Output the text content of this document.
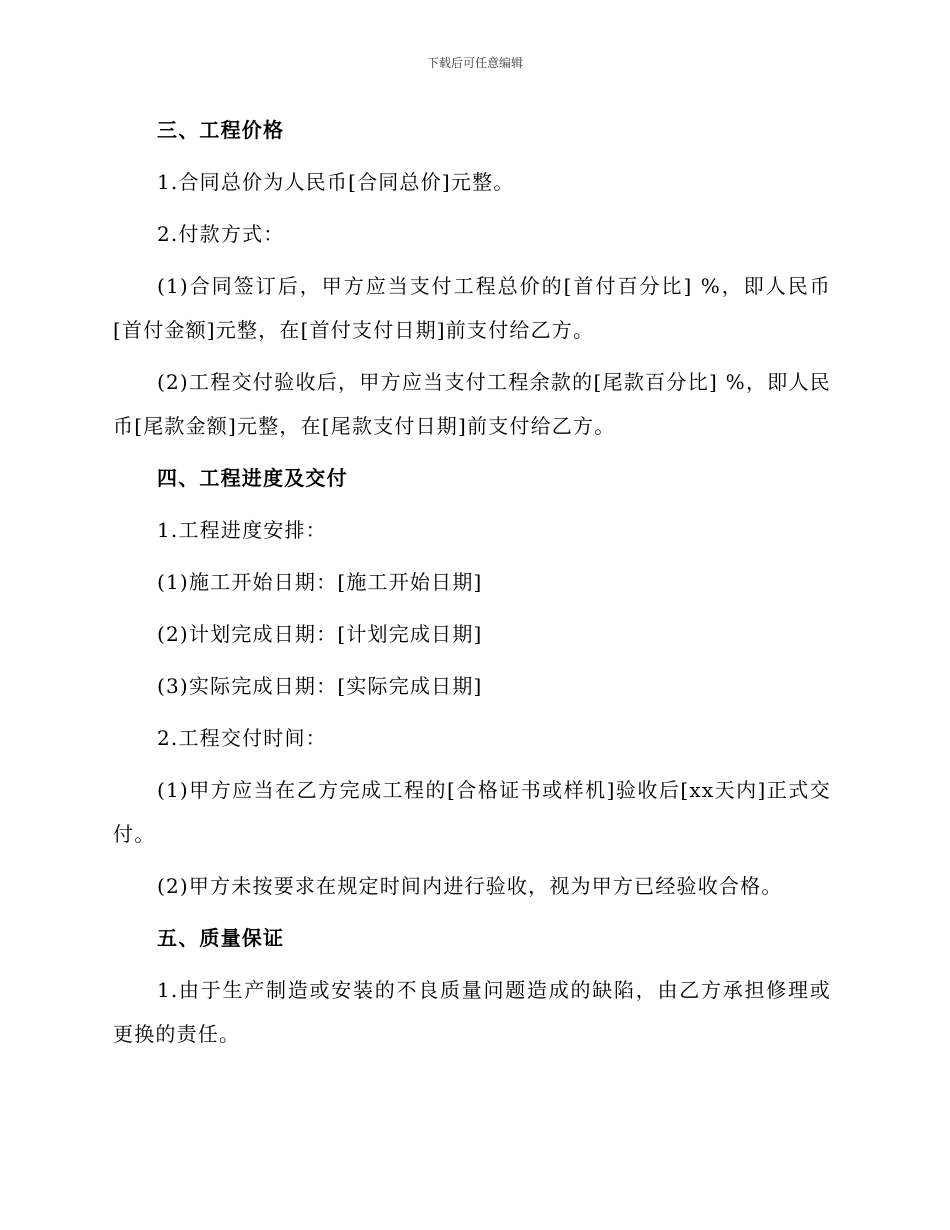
下载后可任意编辑
三、工程价格
1.合同总价为人民币[合同总价]元整。
2.付款方式：
(1)合同签订后，甲方应当支付工程总价的[首付百分比] %，即人民币[首付金额]元整，在[首付支付日期]前支付给乙方。
(2)工程交付验收后，甲方应当支付工程余款的[尾款百分比] %，即人民币[尾款金额]元整，在[尾款支付日期]前支付给乙方。
四、工程进度及交付
1.工程进度安排：
(1)施工开始日期：[施工开始日期]
(2)计划完成日期：[计划完成日期]
(3)实际完成日期：[实际完成日期]
2.工程交付时间：
(1)甲方应当在乙方完成工程的[合格证书或样机]验收后[xx天内]正式交付。
(2)甲方未按要求在规定时间内进行验收，视为甲方已经验收合格。
五、质量保证
1.由于生产制造或安装的不良质量问题造成的缺陷，由乙方承担修理或更换的责任。
